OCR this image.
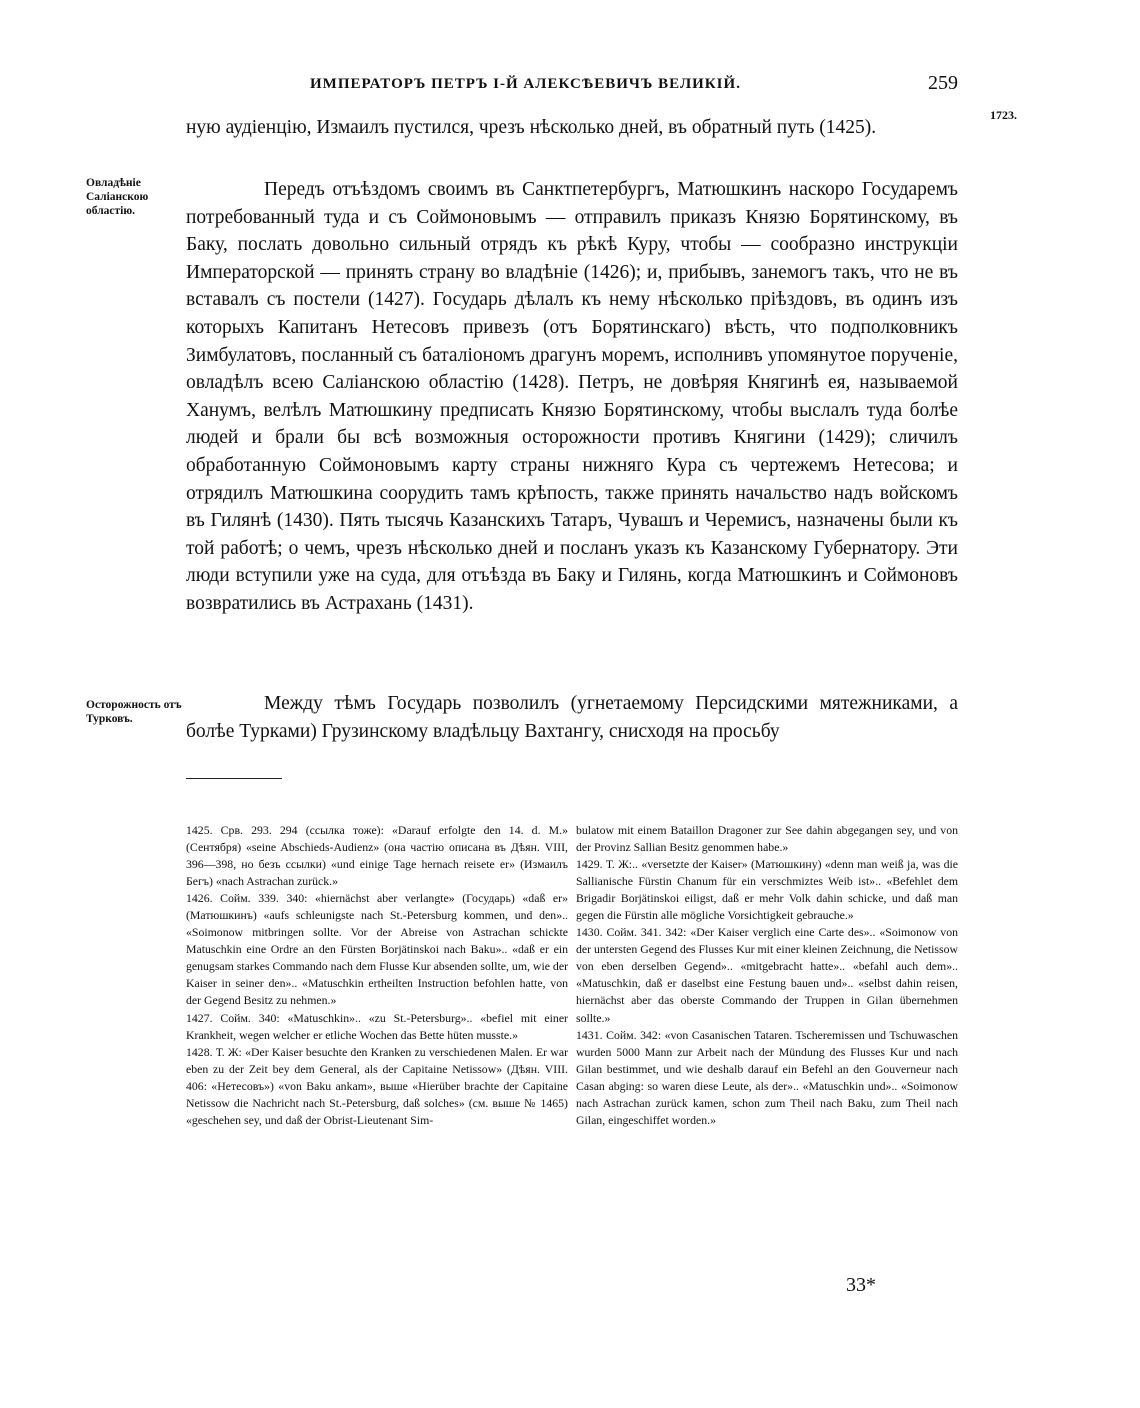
ИМПЕРАТОРЪ ПЕТРЪ I-Й АЛЕКСѢЕВИЧЪ ВЕЛИКІЙ.	259
1723.
Овладѣніе Саліанскою областію.
Осторожность отъ Турковъ.

ную аудіенцію, Измаилъ пустился, чрезъ нѣсколько дней, въ обратный путь (1425).

Передъ отъѣздомъ своимъ въ Санктпетербургъ, Матюшкинъ наскоро Государемъ потребованный туда и съ Соймоновымъ — отправилъ приказъ Князю Борятинскому, въ Баку, послать довольно сильный отрядъ къ рѣкѣ Куру, чтобы — сообразно инструкціи Императорской — принять страну во владѣніе (1426); и, прибывъ, занемогъ такъ, что не въ вставалъ съ постели (1427). Государь дѣлалъ къ нему нѣсколько пріѣздовъ, въ одинъ изъ которыхъ Капитанъ Нетесовъ привезъ (отъ Борятинскаго) вѣсть, что подполковникъ Зимбулатовъ, посланный съ баталіономъ драгунъ моремъ, исполнивъ упомянутое порученіе, овладѣлъ всею Саліанскою областію (1428). Петръ, не довѣряя Княгинѣ ея, называемой Ханумъ, велѣлъ Матюшкину предписать Князю Борятинскому, чтобы выслалъ туда болѣе людей и брали бы всѣ возможныя осторожности противъ Княгини (1429); сличилъ обработанную Соймоновымъ карту страны нижняго Кура съ чертежемъ Нетесова; и отрядилъ Матюшкина соорудить тамъ крѣпость, также принять начальство надъ войскомъ въ Гилянѣ (1430). Пять тысячь Казанскихъ Татаръ, Чувашъ и Черемисъ, назначены были къ той работѣ; о чемъ, чрезъ нѣсколько дней и посланъ указъ къ Казанскому Губернатору. Эти люди вступили уже на суда, для отъѣзда въ Баку и Гилянь, когда Матюшкинъ и Соймоновъ возвратились въ Астрахань (1431).

Между тѣмъ Государь позволилъ (угнетаемому Персидскими мятежниками, а болѣе Турками) Грузинскому владѣльцу Вахтангу, снисходя на просьбу

1425. Срв. 293. 294 (ссылка тоже): «Darauf erfolgte den 14. d. M.» (Сентября) «seine Abschieds-Audienz» (она частію описана въ Дѣян. VIII, 396—398, но безъ ссылки) «und einige Tage hernach reisete er» (Измаилъ Бегъ) «nach Astrachan zurück.»

1426. Сойм. 339. 340: «hiernächst aber verlangte» (Государь) «daß er» (Матюшкинъ) «aufs schleunigste nach St.-Petersburg kommen, und den».. «Soimonow mitbringen sollte. Vor der Abreise von Astrachan schickte Matuschkin eine Ordre an den Fürsten Borjätinskoi nach Baku».. «daß er ein genugsam starkes Commando nach dem Flusse Kur absenden sollte, um, wie der Kaiser in seiner den».. «Matuschkin ertheilten Instruction befohlen hatte, von der Gegend Besitz zu nehmen.»

1427. Сойм. 340: «Matuschkin».. «zu St.-Petersburg».. «befiel mit einer Krankheit, wegen welcher er etliche Wochen das Bette hüten musste.»

1428. Т. Ж: «Der Kaiser besuchte den Kranken zu verschiedenen Malen. Er war eben zu der Zeit bey dem General, als der Capitaine Netissow» (Дѣян. VIII. 406: «Нетесовъ») «von Baku ankam», выше «Hierüber brachte der Capitaine Netissow die Nachricht nach St.-Petersburg, daß solches» (см. выше № 1465) «geschehen sey, und daß der Obrist-Lieutenant Sim-

bulatow mit einem Bataillon Dragoner zur See dahin abgegangen sey, und von der Provinz Sallian Besitz genommen habe.»

1429. Т. Ж:.. «versetzte der Kaiser» (Матюшкину) «denn man weiß ja, was die Sallianische Fürstin Chanum für ein verschmiztes Weib ist».. «Befehlet dem Brigadir Borjätinskoi eiligst, daß er mehr Volk dahin schicke, und daß man gegen die Fürstin alle mögliche Vorsichtigkeit gebrauche.»

1430. Сойм. 341. 342: «Der Kaiser verglich eine Carte des».. «Soimonow von der untersten Gegend des Flusses Kur mit einer kleinen Zeichnung, die Netissow von eben derselben Gegend».. «mitgebracht hatte».. «befahl auch dem».. «Matuschkin, daß er daselbst eine Festung bauen und».. «selbst dahin reisen, hiernächst aber das oberste Commando der Truppen in Gilan übernehmen sollte.»

1431. Сойм. 342: «von Casanischen Tataren. Tscheremissen und Tschuwaschen wurden 5000 Mann zur Arbeit nach der Mündung des Flusses Kur und nach Gilan bestimmet, und wie deshalb darauf ein Befehl an den Gouverneur nach Casan abging: so waren diese Leute, als der».. «Matuschkin und».. «Soimonow nach Astrachan zurück kamen, schon zum Theil nach Baku, zum Theil nach Gilan, eingeschiffet worden.»

33*
